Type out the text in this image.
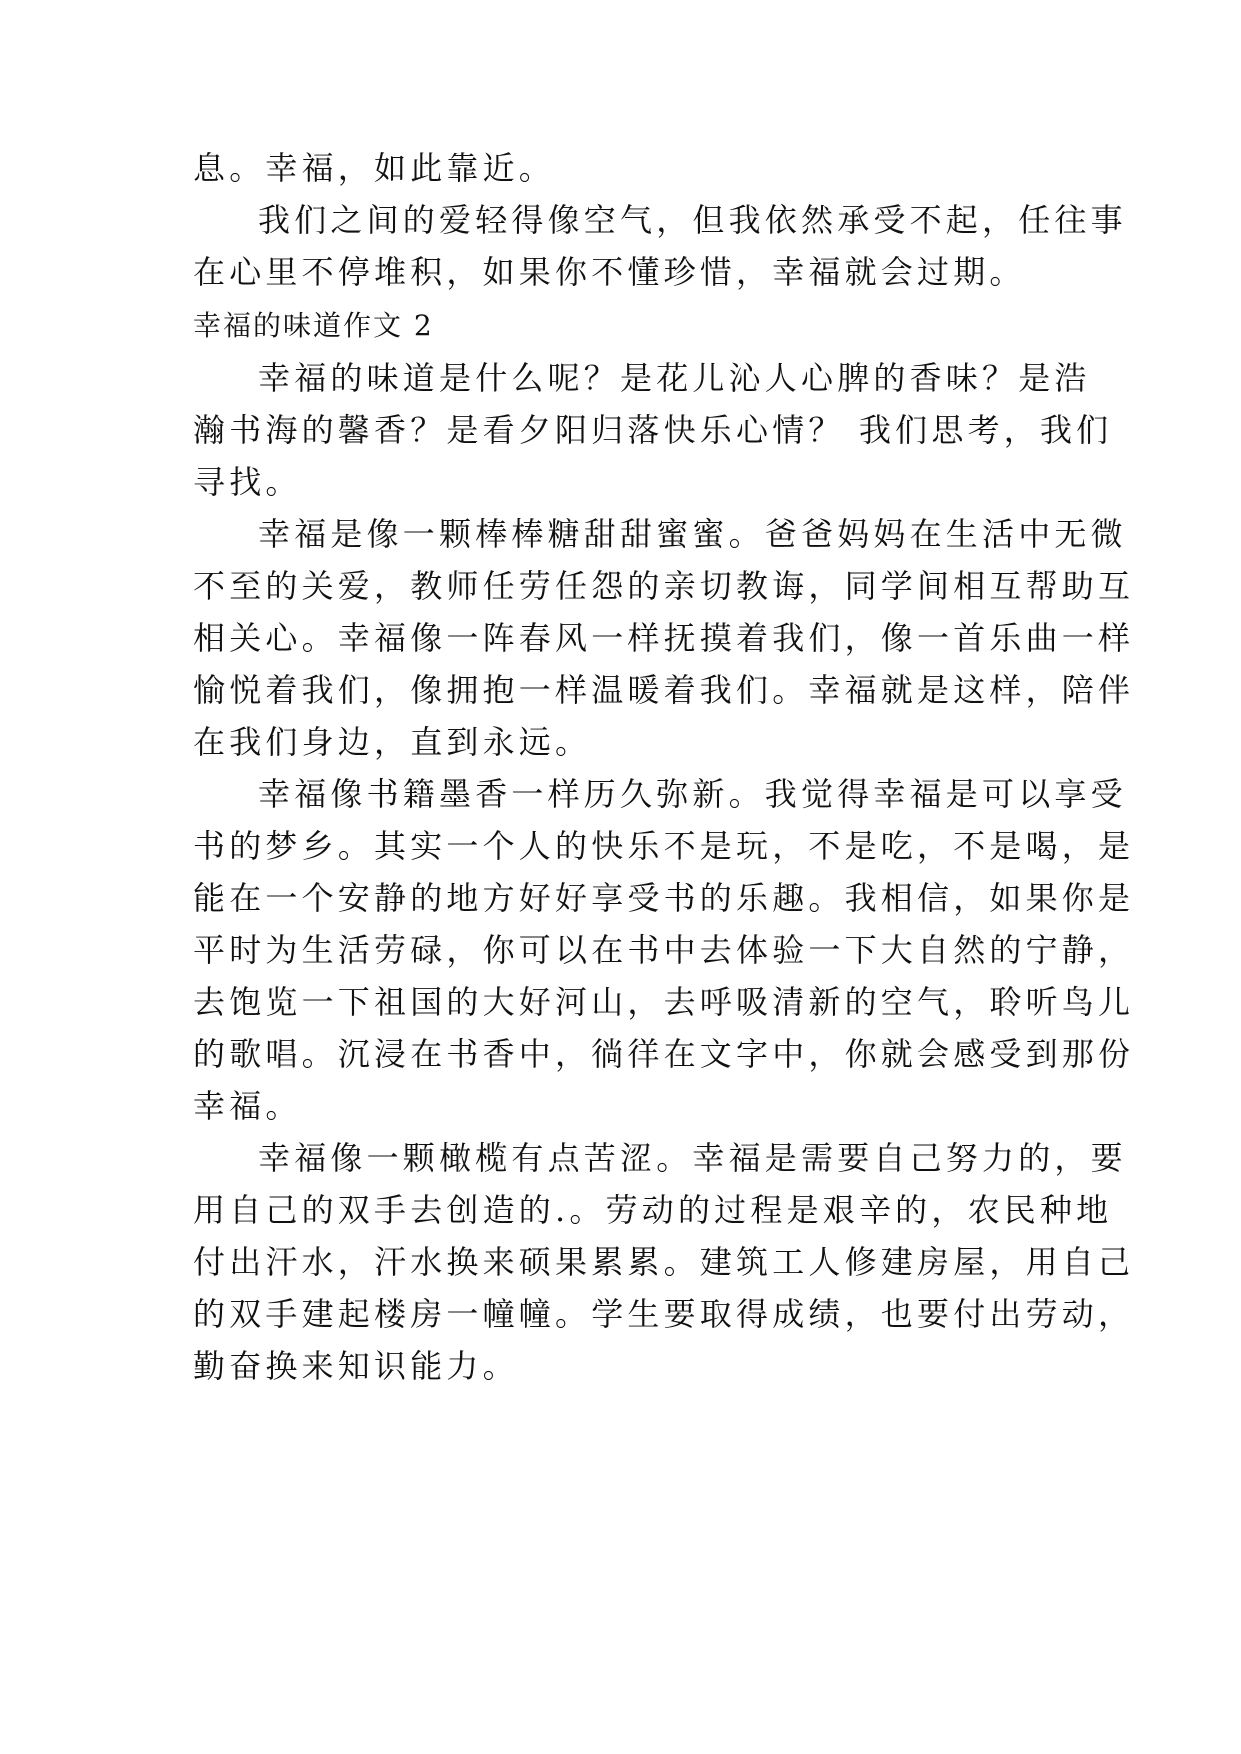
息。幸福，如此靠近。
我们之间的爱轻得像空气，但我依然承受不起，任往事
在心里不停堆积，如果你不懂珍惜，幸福就会过期。
幸福的味道作文 2
幸福的味道是什么呢？是花儿沁人心脾的香味？是浩
瀚书海的馨香？是看夕阳归落快乐心情？ 我们思考，我们
寻找。
幸福是像一颗棒棒糖甜甜蜜蜜。爸爸妈妈在生活中无微
不至的关爱，教师任劳任怨的亲切教诲，同学间相互帮助互
相关心。幸福像一阵春风一样抚摸着我们，像一首乐曲一样
愉悦着我们，像拥抱一样温暖着我们。幸福就是这样，陪伴
在我们身边，直到永远。
幸福像书籍墨香一样历久弥新。我觉得幸福是可以享受
书的梦乡。其实一个人的快乐不是玩，不是吃，不是喝，是
能在一个安静的地方好好享受书的乐趣。我相信，如果你是
平时为生活劳碌，你可以在书中去体验一下大自然的宁静，
去饱览一下祖国的大好河山，去呼吸清新的空气，聆听鸟儿
的歌唱。沉浸在书香中，徜徉在文字中，你就会感受到那份
幸福。
幸福像一颗橄榄有点苦涩。幸福是需要自己努力的，要
用自己的双手去创造的.。劳动的过程是艰辛的，农民种地
付出汗水，汗水换来硕果累累。建筑工人修建房屋，用自己
的双手建起楼房一幢幢。学生要取得成绩，也要付出劳动，
勤奋换来知识能力。
